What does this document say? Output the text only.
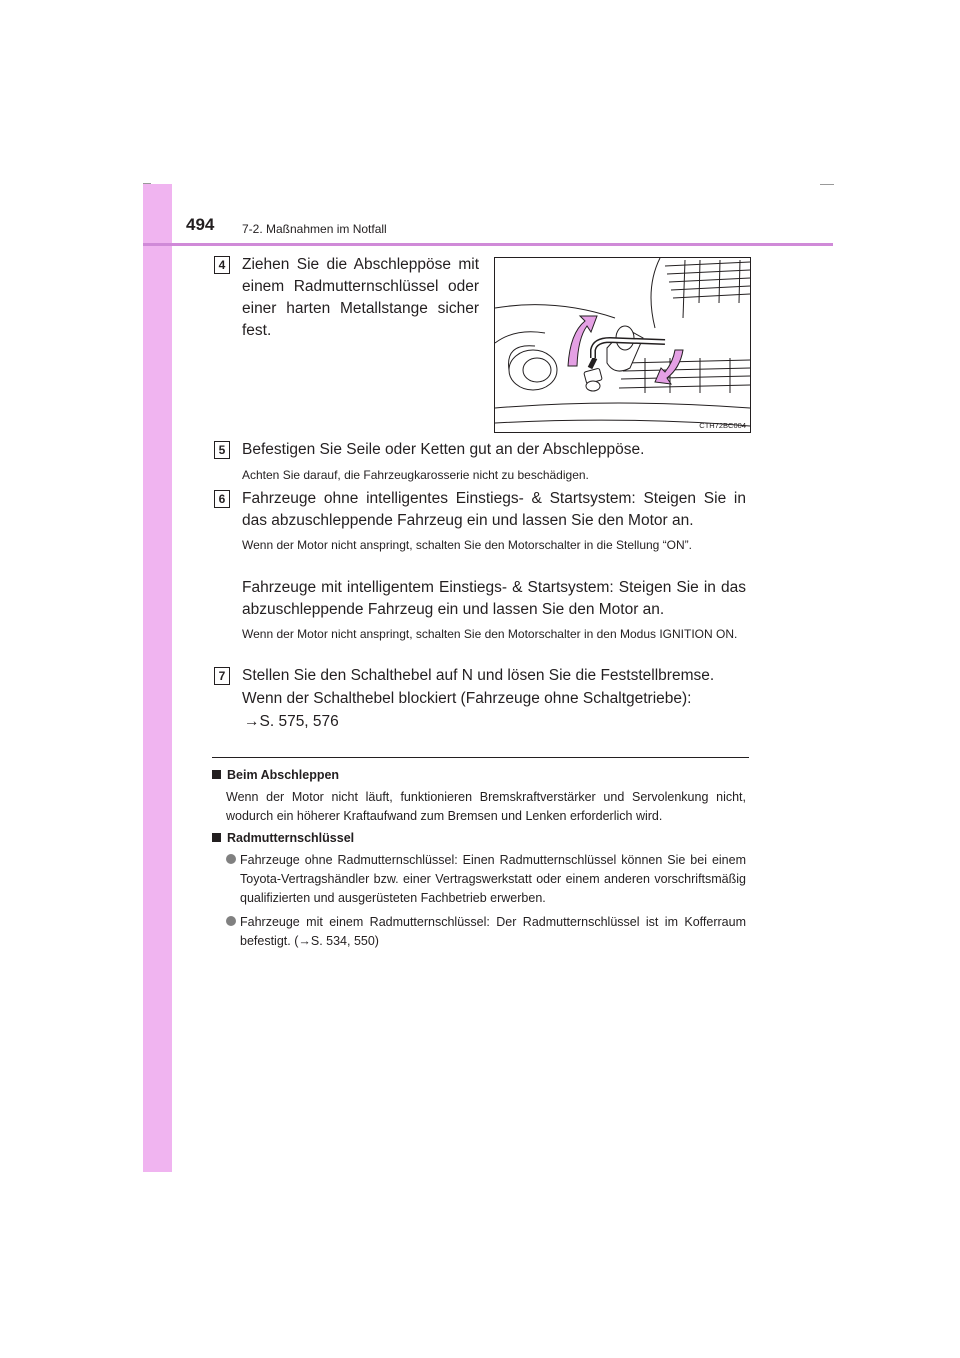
494 7-2. Maßnahmen im Notfall
4	Ziehen Sie die Abschleppöse mit einem Radmutternschlüssel oder einer harten Metallstange sicher fest.
CTH72BC004
5	Befestigen Sie Seile oder Ketten gut an der Abschleppöse.
Achten Sie darauf, die Fahrzeugkarosserie nicht zu beschädigen.
6	Fahrzeuge ohne intelligentes Einstiegs- & Startsystem: Steigen Sie in das abzuschleppende Fahrzeug ein und lassen Sie den Motor an.
Wenn der Motor nicht anspringt, schalten Sie den Motorschalter in die Stellung “ON”.
Fahrzeuge mit intelligentem Einstiegs- & Startsystem: Steigen Sie in das abzuschleppende Fahrzeug ein und lassen Sie den Motor an.
Wenn der Motor nicht anspringt, schalten Sie den Motorschalter in den Modus IGNITION ON.
7	Stellen Sie den Schalthebel auf N und lösen Sie die Feststellbremse.
Wenn der Schalthebel blockiert (Fahrzeuge ohne Schaltgetriebe):
→S. 575, 576
Beim Abschleppen
Wenn der Motor nicht läuft, funktionieren Bremskraftverstärker und Servolenkung nicht, wodurch ein höherer Kraftaufwand zum Bremsen und Lenken erforderlich wird.
Radmutternschlüssel
Fahrzeuge ohne Radmutternschlüssel: Einen Radmutternschlüssel können Sie bei einem Toyota-Vertragshändler bzw. einer Vertragswerkstatt oder einem anderen vorschriftsmäßig qualifizierten und ausgerüsteten Fachbetrieb erwerben.
Fahrzeuge mit einem Radmutternschlüssel: Der Radmutternschlüssel ist im Kofferraum befestigt. (→S. 534, 550)
